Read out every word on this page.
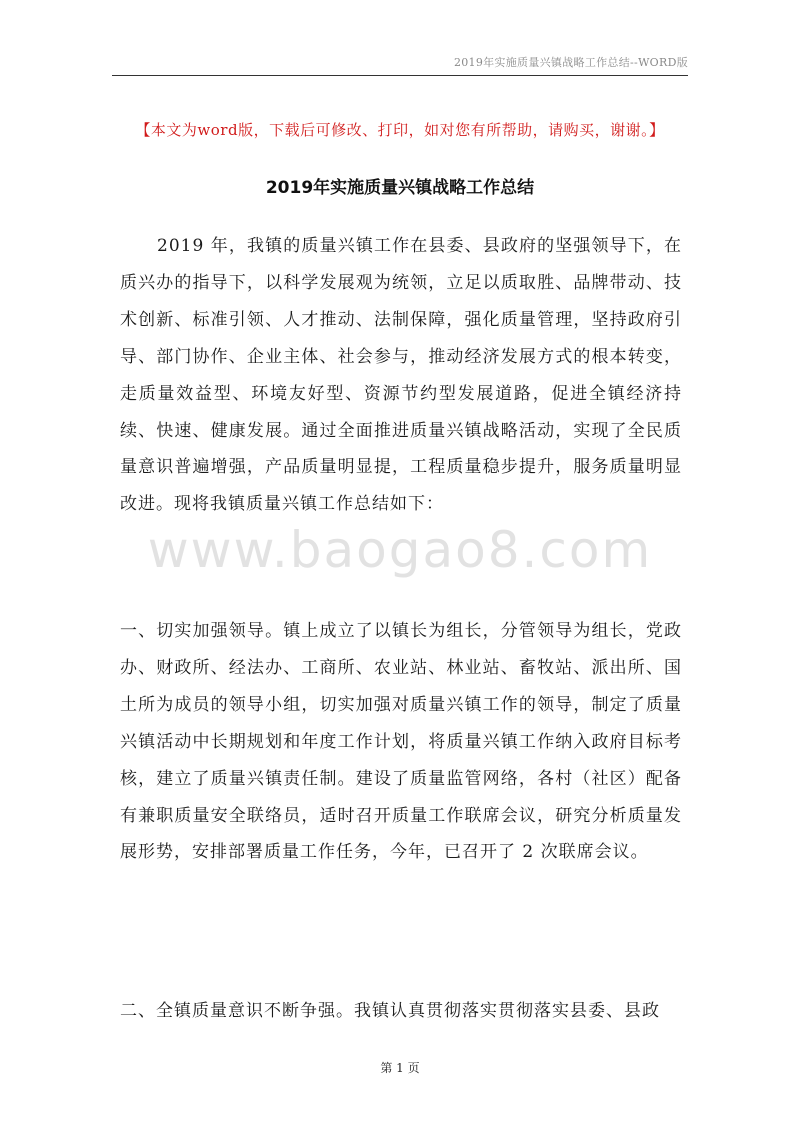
2019年实施质量兴镇战略工作总结--WORD版
【本文为word版，下载后可修改、打印，如对您有所帮助，请购买，谢谢。】
2019年实施质量兴镇战略工作总结
www.baogao8.com

2019 年，我镇的质量兴镇工作在县委、县政府的坚强领导下，在质兴办的指导下，以科学发展观为统领，立足以质取胜、品牌带动、技术创新、标准引领、人才推动、法制保障，强化质量管理，坚持政府引导、部门协作、企业主体、社会参与，推动经济发展方式的根本转变，走质量效益型、环境友好型、资源节约型发展道路，促进全镇经济持续、快速、健康发展。通过全面推进质量兴镇战略活动，实现了全民质量意识普遍增强，产品质量明显提，工程质量稳步提升，服务质量明显改进。现将我镇质量兴镇工作总结如下：

一、切实加强领导。镇上成立了以镇长为组长，分管领导为组长，党政办、财政所、经法办、工商所、农业站、林业站、畜牧站、派出所、国土所为成员的领导小组，切实加强对质量兴镇工作的领导，制定了质量兴镇活动中长期规划和年度工作计划，将质量兴镇工作纳入政府目标考核，建立了质量兴镇责任制。建设了质量监管网络，各村（社区）配备有兼职质量安全联络员，适时召开质量工作联席会议，研究分析质量发展形势，安排部署质量工作任务，今年，已召开了 2 次联席会议。

二、全镇质量意识不断争强。我镇认真贯彻落实贯彻落实县委、县政

第 1 页
